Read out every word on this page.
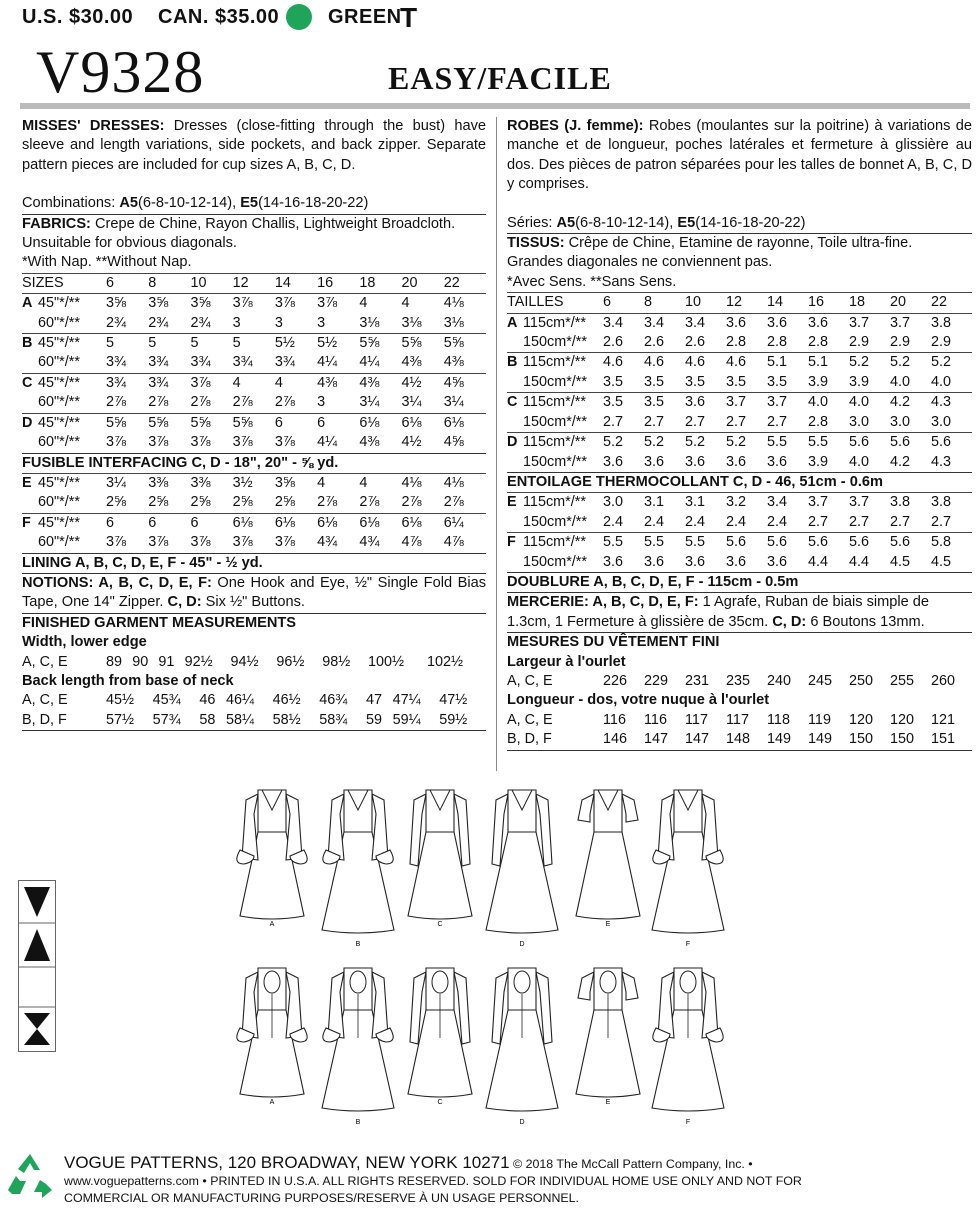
U.S. $30.00 CAN. $35.00 GREEN
T
V9328	EASY/FACILE
MISSES' DRESSES: Dresses (close-fitting through the bust) have sleeve and length variations, side pockets, and back zipper. Separate pattern pieces are included for cup sizes A, B, C, D.
Combinations: A5(6-8-10-12-14), E5(14-16-18-20-22)
FABRICS: Crepe de Chine, Rayon Challis, Lightweight Broadcloth.
Unsuitable for obvious diagonals.
*With Nap. **Without Nap.
SIZES		6	8	10	12	14	16	18	20	22
A	45"*/**	3⅝	3⅝	3⅝	3⅞	3⅞	3⅞	4	4	4⅛
	60"*/**	2¾	2¾	2¾	3	3	3	3⅛	3⅛	3⅛
B	45"*/**	5	5	5	5	5½	5½	5⅝	5⅝	5⅝
	60"*/**	3¾	3¾	3¾	3¾	3¾	4¼	4¼	4⅜	4⅜
C	45"*/**	3¾	3¾	3⅞	4	4	4⅜	4⅜	4½	4⅝
	60"*/**	2⅞	2⅞	2⅞	2⅞	2⅞	3	3¼	3¼	3¼
D	45"*/**	5⅝	5⅝	5⅝	5⅝	6	6	6⅛	6⅛	6⅛
	60"*/**	3⅞	3⅞	3⅞	3⅞	3⅞	4¼	4⅜	4½	4⅝
FUSIBLE INTERFACING C, D - 18", 20" - ⅝ yd.
E	45"*/**	3¼	3⅜	3⅜	3½	3⅝	4	4	4⅛	4⅛
	60"*/**	2⅝	2⅝	2⅝	2⅝	2⅝	2⅞	2⅞	2⅞	2⅞
F	45"*/**	6	6	6	6⅛	6⅛	6⅛	6⅛	6⅛	6¼
	60"*/**	3⅞	3⅞	3⅞	3⅞	3⅞	4¾	4¾	4⅞	4⅞
LINING A, B, C, D, E, F - 45" - ½ yd.
NOTIONS: A, B, C, D, E, F: One Hook and Eye, ½" Single Fold Bias Tape, One 14" Zipper. C, D: Six ½" Buttons.
FINISHED GARMENT MEASUREMENTS
Width, lower edge
A, C, E	89	90	91	92½	94½	96½	98½	100½	102½
Back length from base of neck
A, C, E	45½	45¾	46	46¼	46½	46¾	47	47¼	47½
B, D, F	57½	57¾	58	58¼	58½	58¾	59	59¼	59½
ROBES (J. femme): Robes (moulantes sur la poitrine) à variations de manche et de longueur, poches latérales et fermeture à glissière au dos. Des pièces de patron séparées pour les talles de bonnet A, B, C, D y comprises.
Séries: A5(6-8-10-12-14), E5(14-16-18-20-22)
TISSUS: Crêpe de Chine, Etamine de rayonne, Toile ultra-fine. Grandes diagonales ne conviennent pas.
*Avec Sens. **Sans Sens.
TAILLES		6	8	10	12	14	16	18	20	22
A	115cm*/**	3.4	3.4	3.4	3.6	3.6	3.6	3.7	3.7	3.8
	150cm*/**	2.6	2.6	2.6	2.8	2.8	2.8	2.9	2.9	2.9
B	115cm*/**	4.6	4.6	4.6	4.6	5.1	5.1	5.2	5.2	5.2
	150cm*/**	3.5	3.5	3.5	3.5	3.5	3.9	3.9	4.0	4.0
C	115cm*/**	3.5	3.5	3.6	3.7	3.7	4.0	4.0	4.2	4.3
	150cm*/**	2.7	2.7	2.7	2.7	2.7	2.8	3.0	3.0	3.0
D	115cm*/**	5.2	5.2	5.2	5.2	5.5	5.5	5.6	5.6	5.6
	150cm*/**	3.6	3.6	3.6	3.6	3.6	3.9	4.0	4.2	4.3
ENTOILAGE THERMOCOLLANT C, D - 46, 51cm - 0.6m
E	115cm*/**	3.0	3.1	3.1	3.2	3.4	3.7	3.7	3.8	3.8
	150cm*/**	2.4	2.4	2.4	2.4	2.4	2.7	2.7	2.7	2.7
F	115cm*/**	5.5	5.5	5.5	5.6	5.6	5.6	5.6	5.6	5.8
	150cm*/**	3.6	3.6	3.6	3.6	3.6	4.4	4.4	4.5	4.5
DOUBLURE A, B, C, D, E, F - 115cm - 0.5m
MERCERIE: A, B, C, D, E, F: 1 Agrafe, Ruban de biais simple de 1.3cm, 1 Fermeture à glissière de 35cm. C, D: 6 Boutons 13mm.
MESURES DU VÊTEMENT FINI
Largeur à l'ourlet
A, C, E	226	229	231	235	240	245	250	255	260
Longueur - dos, votre nuque à l'ourlet
A, C, E	116	116	117	117	118	119	120	120	121
B, D, F	146	147	147	148	149	149	150	150	151
A
B
C
D
E
F
A
B
C
D
E
F
VOGUE PATTERNS, 120 BROADWAY, NEW YORK 10271 © 2018 The McCall Pattern Company, Inc. •
www.voguepatterns.com • PRINTED IN U.S.A. ALL RIGHTS RESERVED. SOLD FOR INDIVIDUAL HOME USE ONLY AND NOT FOR
COMMERCIAL OR MANUFACTURING PURPOSES/RESERVE À UN USAGE PERSONNEL.
